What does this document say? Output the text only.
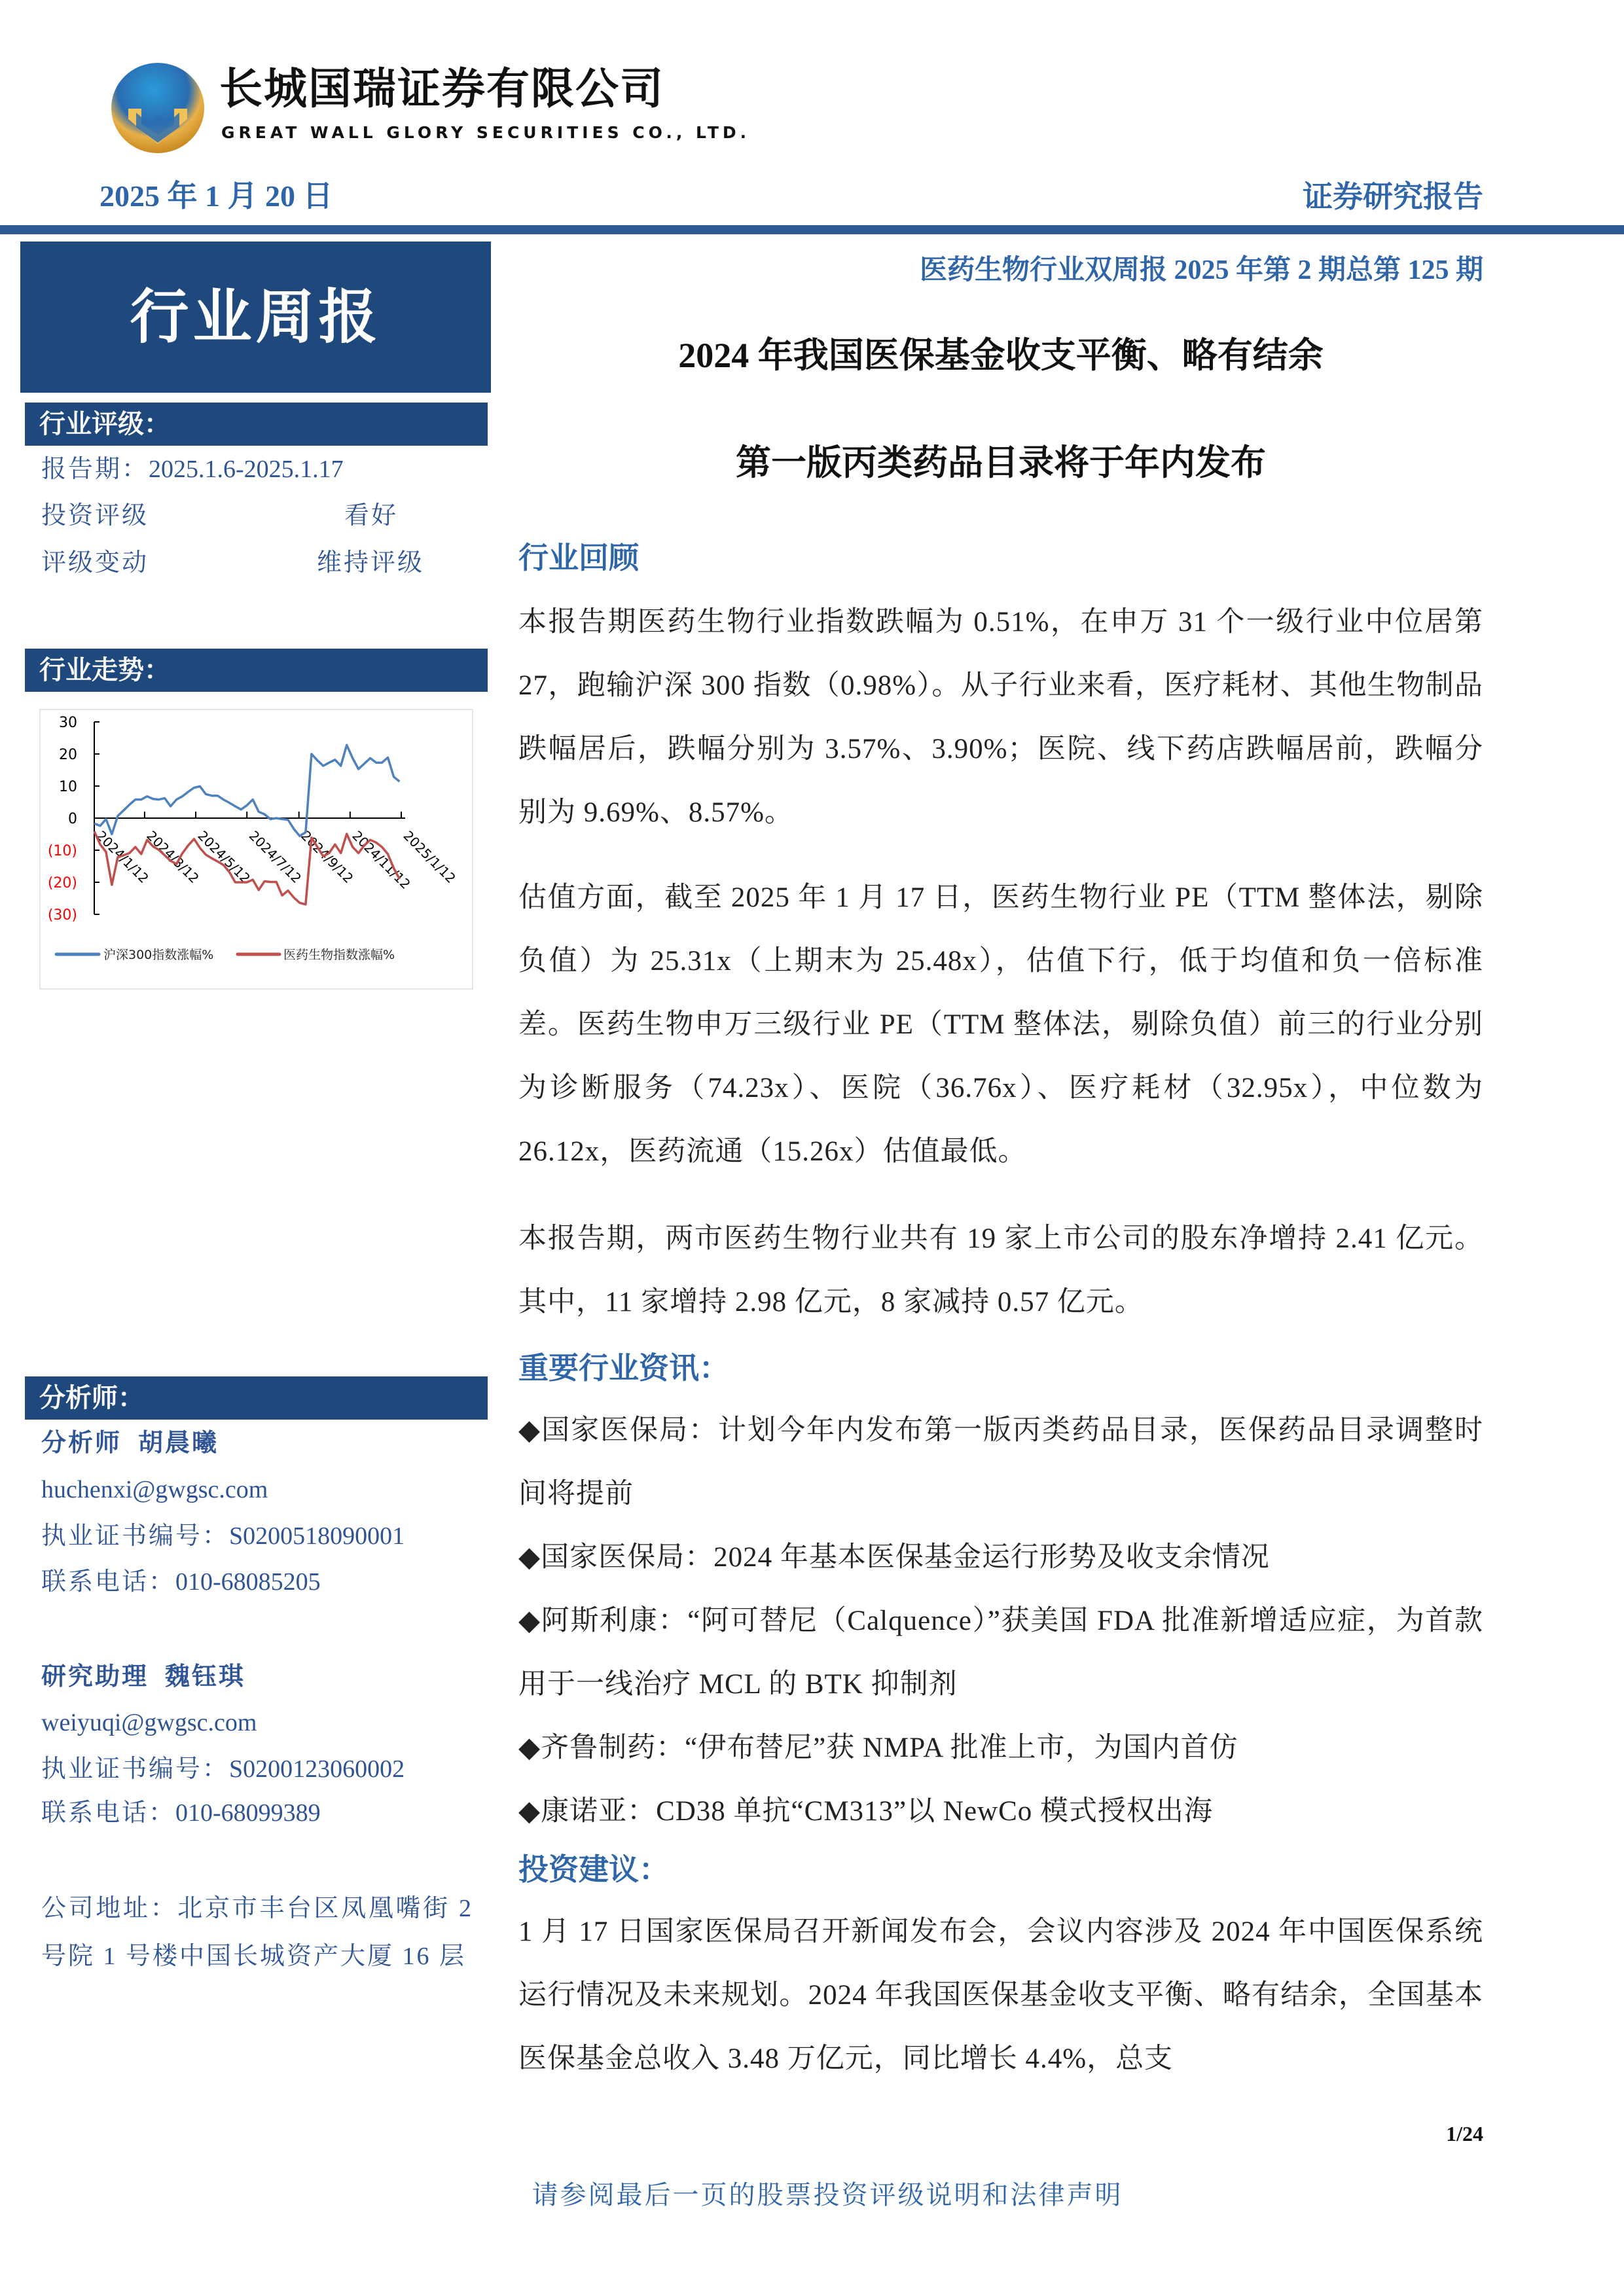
长城国瑞证券有限公司
GREAT WALL GLORY SECURITIES CO., LTD.
2025 年 1 月 20 日	证券研究报告
行业周报
行业评级：
报告期：2025.1.6-2025.1.17
投资评级	看好
评级变动	维持评级
行业走势：
30
20
10
0
(10)
(20)
(30)
2024/1/12
2024/3/12
2024/5/12
2024/7/12
2024/9/12
2024/11/12
2025/1/12
沪深300指数涨幅%	医药生物指数涨幅%
分析师：
分析师 胡晨曦
huchenxi@gwgsc.com
执业证书编号：S0200518090001
联系电话：010-68085205
研究助理 魏钰琪
weiyuqi@gwgsc.com
执业证书编号：S0200123060002
联系电话：010-68099389
公司地址：北京市丰台区凤凰嘴街 2 号院 1 号楼中国长城资产大厦 16 层
医药生物行业双周报 2025 年第 2 期总第 125 期
2024 年我国医保基金收支平衡、略有结余
第一版丙类药品目录将于年内发布
行业回顾

本报告期医药生物行业指数跌幅为 0.51%，在申万 31 个一级行业中位居第 27，跑输沪深 300 指数（0.98%）。从子行业来看，医疗耗材、其他生物制品跌幅居后，跌幅分别为 3.57%、3.90%；医院、线下药店跌幅居前，跌幅分别为 9.69%、8.57%。

估值方面，截至 2025 年 1 月 17 日，医药生物行业 PE（TTM 整体法，剔除负值）为 25.31x（上期末为 25.48x），估值下行，低于均值和负一倍标准差。医药生物申万三级行业 PE（TTM 整体法，剔除负值）前三的行业分别为诊断服务（74.23x）、医院（36.76x）、医疗耗材（32.95x），中位数为 26.12x，医药流通（15.26x）估值最低。

本报告期，两市医药生物行业共有 19 家上市公司的股东净增持 2.41 亿元。其中，11 家增持 2.98 亿元，8 家减持 0.57 亿元。

重要行业资讯：

◆国家医保局：计划今年内发布第一版丙类药品目录，医保药品目录调整时间将提前

◆国家医保局：2024 年基本医保基金运行形势及收支余情况

◆阿斯利康：“阿可替尼（Calquence）”获美国 FDA 批准新增适应症，为首款用于一线治疗 MCL 的 BTK 抑制剂

◆齐鲁制药：“伊布替尼”获 NMPA 批准上市，为国内首仿

◆康诺亚：CD38 单抗“CM313”以 NewCo 模式授权出海

投资建议：

1 月 17 日国家医保局召开新闻发布会，会议内容涉及 2024 年中国医保系统运行情况及未来规划。2024 年我国医保基金收支平衡、略有结余，全国基本医保基金总收入 3.48 万亿元，同比增长 4.4%，总支

1/24
请参阅最后一页的股票投资评级说明和法律声明
